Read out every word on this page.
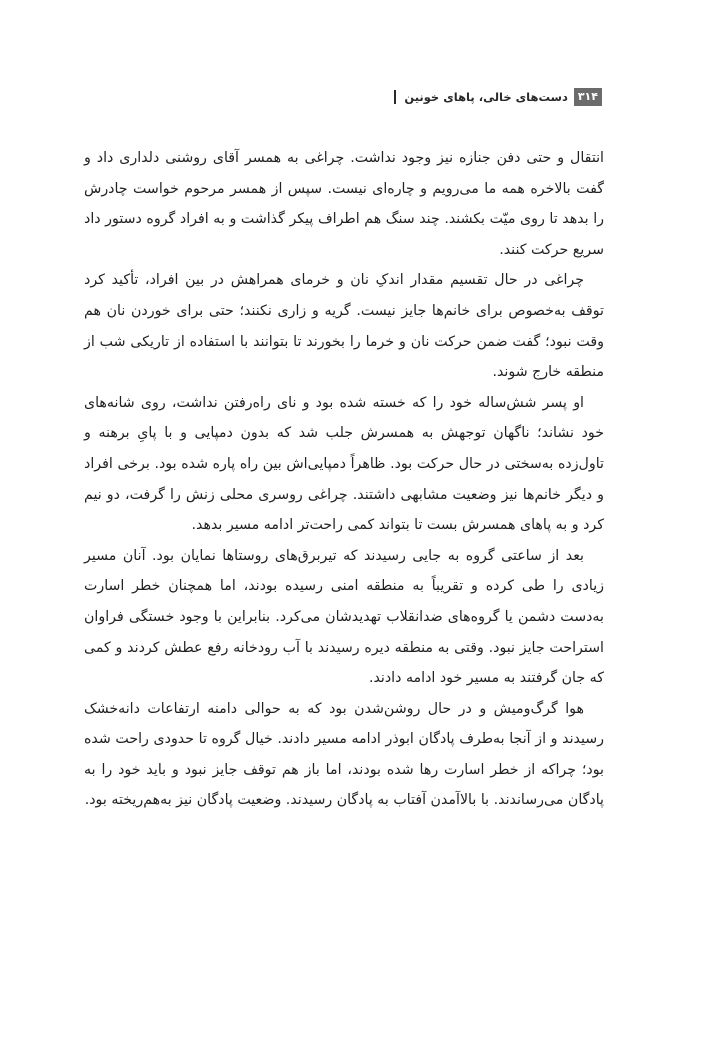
۳۱۴
دست‌های خالی، پاهای خونین

انتقال و حتی دفن جنازه نیز وجود نداشت. چراغی به همسر آقای روشنی دلداری داد و گفت بالاخره همه ما می‌رویم و چاره‌ای نیست. سپس از همسر مرحوم خواست چادرش را بدهد تا روی میّت بکشند. چند سنگ هم اطراف پیکر گذاشت و به افراد گروه دستور داد سریع حرکت کنند.

چراغی در حال تقسیم مقدار اندکِ نان و خرمای همراهش در بین افراد، تأکید کرد توقف به‌خصوص برای خانم‌ها جایز نیست. گریه و زاری نکنند؛ حتی برای خوردن نان هم وقت نبود؛ گفت ضمن حرکت نان و خرما را بخورند تا بتوانند با استفاده از تاریکی شب از منطقه خارج شوند.

او پسر شش‌ساله خود را که خسته شده بود و نای راه‌رفتن نداشت، روی شانه‌های خود نشاند؛ ناگهان توجهش به همسرش جلب شد که بدون دمپایی و با پایِ برهنه و تاول‌زده به‌سختی در حال حرکت بود. ظاهراً دمپایی‌اش بین راه پاره شده بود. برخی افراد و دیگر خانم‌ها نیز وضعیت مشابهی داشتند. چراغی روسری محلی زنش را گرفت، دو نیم کرد و به پاهای همسرش بست تا بتواند کمی راحت‌تر ادامه مسیر بدهد.

بعد از ساعتی گروه به جایی رسیدند که تیربرق‌های روستاها نمایان بود. آنان مسیر زیادی را طی کرده و تقریباً به منطقه امنی رسیده بودند، اما همچنان خطر اسارت به‌دست دشمن یا گروه‌های ضدانقلاب تهدیدشان می‌کرد. بنابراین با وجود خستگی فراوان استراحت جایز نبود. وقتی به منطقه دیره رسیدند با آب رودخانه رفع عطش کردند و کمی که جان گرفتند به مسیر خود ادامه دادند.

هوا گرگ‌ومیش و در حال روشن‌شدن بود که به حوالی دامنه ارتفاعات دانه‌خشک رسیدند و از آنجا به‌طرف پادگان ابوذر ادامه مسیر دادند. خیال گروه تا حدودی راحت شده بود؛ چراکه از خطر اسارت رها شده بودند، اما باز هم توقف جایز نبود و باید خود را به پادگان می‌رساندند. با بالاآمدن آفتاب به پادگان رسیدند. وضعیت پادگان نیز به‌هم‌ریخته بود.
